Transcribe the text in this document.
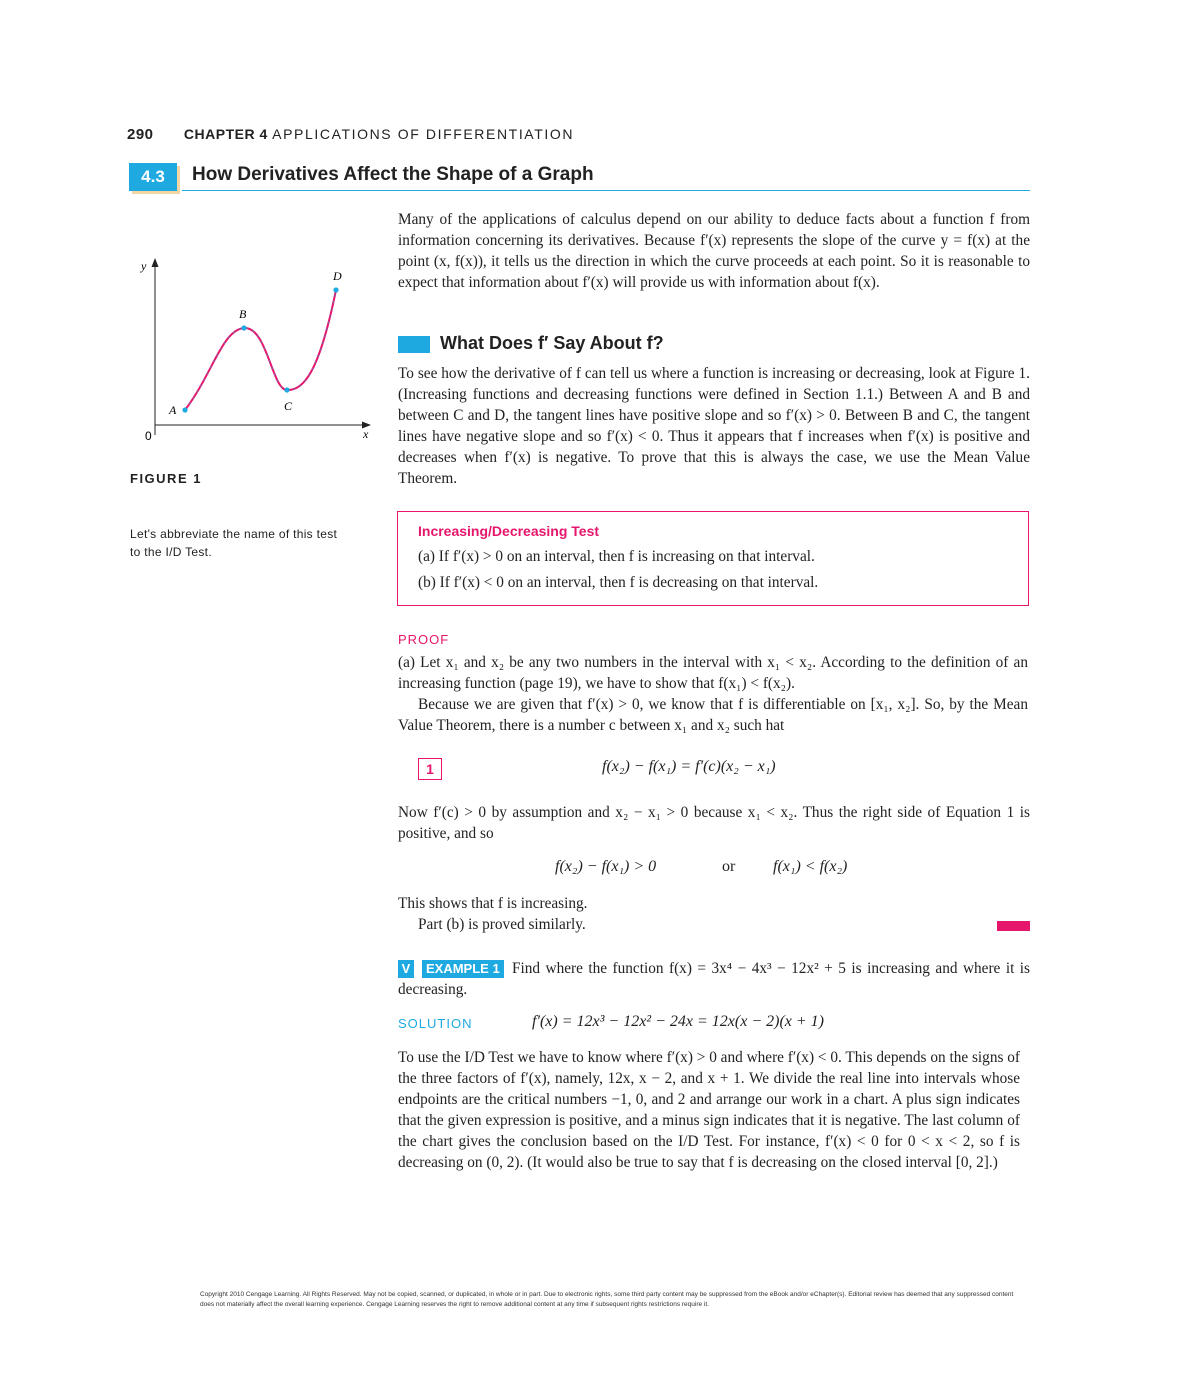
290 CHAPTER 4 APPLICATIONS OF DIFFERENTIATION
4.3	How Derivatives Affect the Shape of a Graph
y
x
0
A
B
C
D
FIGURE 1
Let's abbreviate the name of this test to the I/D Test.
Many of the applications of calculus depend on our ability to deduce facts about a function f from information concerning its derivatives. Because f′(x) represents the slope of the curve y = f(x) at the point (x, f(x)), it tells us the direction in which the curve proceeds at each point. So it is reasonable to expect that information about f′(x) will provide us with information about f(x).
What Does f′ Say About f?
To see how the derivative of f can tell us where a function is increasing or decreasing, look at Figure 1. (Increasing functions and decreasing functions were defined in Section 1.1.) Between A and B and between C and D, the tangent lines have positive slope and so f′(x) > 0. Between B and C, the tangent lines have negative slope and so f′(x) < 0. Thus it appears that f increases when f′(x) is positive and decreases when f′(x) is negative. To prove that this is always the case, we use the Mean Value Theorem.
Increasing/Decreasing Test
(a) If f′(x) > 0 on an interval, then f is increasing on that interval.
(b) If f′(x) < 0 on an interval, then f is decreasing on that interval.
PROOF
(a) Let x₁ and x₂ be any two numbers in the interval with x₁ < x₂. According to the definition of an increasing function (page 19), we have to show that f(x₁) < f(x₂).
Because we are given that f′(x) > 0, we know that f is differentiable on [x₁, x₂]. So, by the Mean Value Theorem, there is a number c between x₁ and x₂ such hat
1	f(x₂) − f(x₁) = f′(c)(x₂ − x₁)
Now f′(c) > 0 by assumption and x₂ − x₁ > 0 because x₁ < x₂. Thus the right side of Equation 1 is positive, and so
f(x₂) − f(x₁) > 0	or f(x₁) < f(x₂)
This shows that f is increasing.
Part (b) is proved similarly.
Find where the function f(x) = 3x⁴ − 4x³ − 12x² + 5 is increasing and where it is decreasing.
V	EXAMPLE 1
SOLUTION	f′(x) = 12x³ − 12x² − 24x = 12x(x − 2)(x + 1)
To use the I/D Test we have to know where f′(x) > 0 and where f′(x) < 0. This depends on the signs of the three factors of f′(x), namely, 12x, x − 2, and x + 1. We divide the real line into intervals whose endpoints are the critical numbers −1, 0, and 2 and arrange our work in a chart. A plus sign indicates that the given expression is positive, and a minus sign indicates that it is negative. The last column of the chart gives the conclusion based on the I/D Test. For instance, f′(x) < 0 for 0 < x < 2, so f is decreasing on (0, 2). (It would also be true to say that f is decreasing on the closed interval [0, 2].)
Copyright 2010 Cengage Learning. All Rights Reserved. May not be copied, scanned, or duplicated, in whole or in part. Due to electronic rights, some third party content may be suppressed from the eBook and/or eChapter(s). Editorial review has deemed that any suppressed content does not materially affect the overall learning experience. Cengage Learning reserves the right to remove additional content at any time if subsequent rights restrictions require it.
